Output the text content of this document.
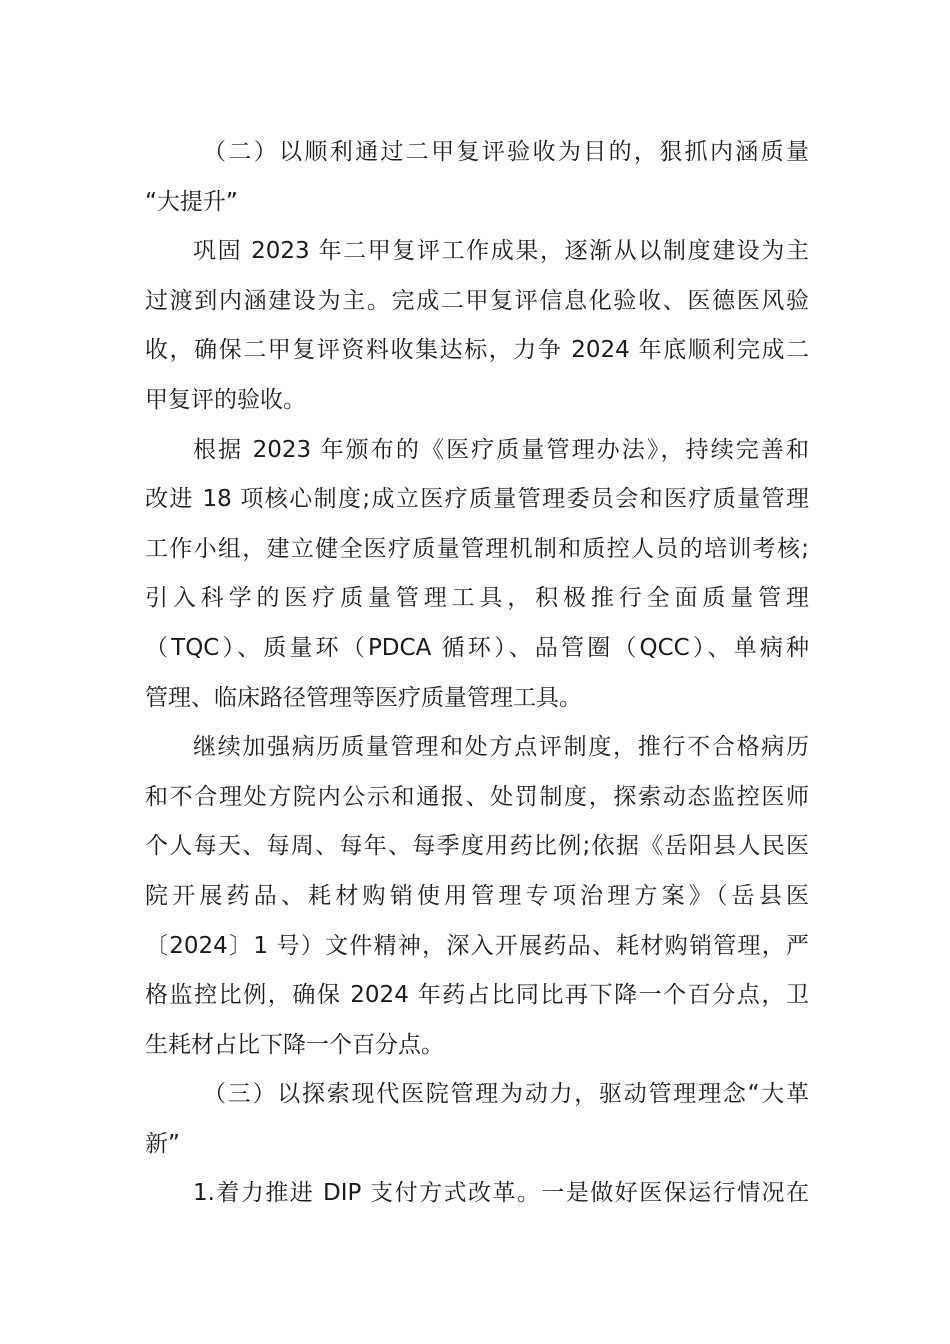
（二）以顺利通过二甲复评验收为目的，狠抓内涵质量
“大提升”
巩固 2023 年二甲复评工作成果，逐渐从以制度建设为主
过渡到内涵建设为主。完成二甲复评信息化验收、医德医风验
收，确保二甲复评资料收集达标，力争 2024 年底顺利完成二
甲复评的验收。
根据 2023 年颁布的《医疗质量管理办法》，持续完善和
改进 18 项核心制度;成立医疗质量管理委员会和医疗质量管理
工作小组，建立健全医疗质量管理机制和质控人员的培训考核;
引入科学的医疗质量管理工具，积极推行全面质量管理
（TQC）、质量环（PDCA 循环）、品管圈（QCC）、单病种
管理、临床路径管理等医疗质量管理工具。
继续加强病历质量管理和处方点评制度，推行不合格病历
和不合理处方院内公示和通报、处罚制度，探索动态监控医师
个人每天、每周、每年、每季度用药比例;依据《岳阳县人民医
院开展药品、耗材购销使用管理专项治理方案》（岳县医
〔2024〕1 号）文件精神，深入开展药品、耗材购销管理，严
格监控比例，确保 2024 年药占比同比再下降一个百分点，卫
生耗材占比下降一个百分点。
（三）以探索现代医院管理为动力，驱动管理理念“大革
新”
1.着力推进 DIP 支付方式改革。一是做好医保运行情况在
